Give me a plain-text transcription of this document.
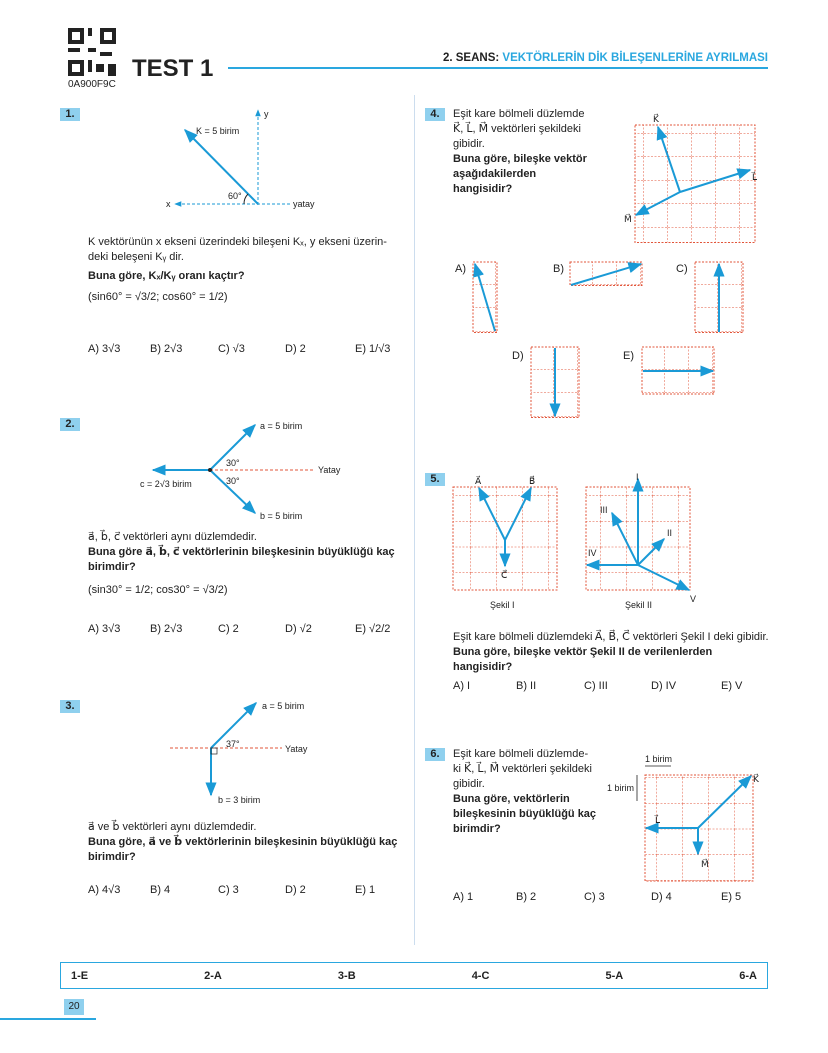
0A900F9C
TEST 1	2. SEANS: VEKTÖRLERİN DİK BİLEŞENLERİNE AYRILMASI
1.	y
x	yatay
K = 5 birim
60°
K vektörünün x ekseni üzerindeki bileşeni Kₓ, y ekseni üzerin-
deki beleşeni Kᵧ dir.
Buna göre, Kₓ/Kᵧ oranı kaçtır?
(sin60° = √3/2; cos60° = 1/2)
A) 3√3	B) 2√3	C) √3	D) 2	E) 1/√3
2.	a = 5 birim
b = 5 birim
c = 2√3 birim
Yatay
30°
30°
a⃗, b⃗, c⃗ vektörleri aynı düzlemdedir.
Buna göre a⃗, b⃗, c⃗ vektörlerinin bileşkesinin büyüklüğü kaç birimdir?
(sin30° = 1/2; cos30° = √3/2)
A) 3√3	B) 2√3	C) 2	D) √2	E) √2/2
3.	a = 5 birim
b = 3 birim
Yatay
37°
a⃗ ve b⃗ vektörleri aynı düzlemdedir.
Buna göre, a⃗ ve b⃗ vektörlerinin bileşkesinin büyüklüğü kaç birimdir?
A) 4√3	B) 4	C) 3	D) 2	E) 1
4.	Eşit kare bölmeli düzlemde
K⃗, L⃗, M⃗ vektörleri şekildeki
gibidir.
Buna göre, bileşke vektör aşağıdakilerden hangisidir?
K⃗
L⃗
M⃗
A)	B)	C)
D)	E)
5.	A⃗	B⃗
C⃗
Şekil I
I
II
III
IV
V
Şekil II
Eşit kare bölmeli düzlemdeki A⃗, B⃗, C⃗ vektörleri Şekil I deki gibidir.
Buna göre, bileşke vektör Şekil II de verilenlerden hangisidir?
A) I	B) II	C) III	D) IV	E) V
6.	Eşit kare bölmeli düzlemde-
ki K⃗, L⃗, M⃗ vektörleri şekildeki
gibidir.
Buna göre, vektörlerin bileşkesinin büyüklüğü kaç birimdir?
1 birim
1 birim
K⃗
L⃗
M⃗
A) 1	B) 2	C) 3	D) 4	E) 5
1-E	2-A	3-B	4-C	5-A	6-A
20
